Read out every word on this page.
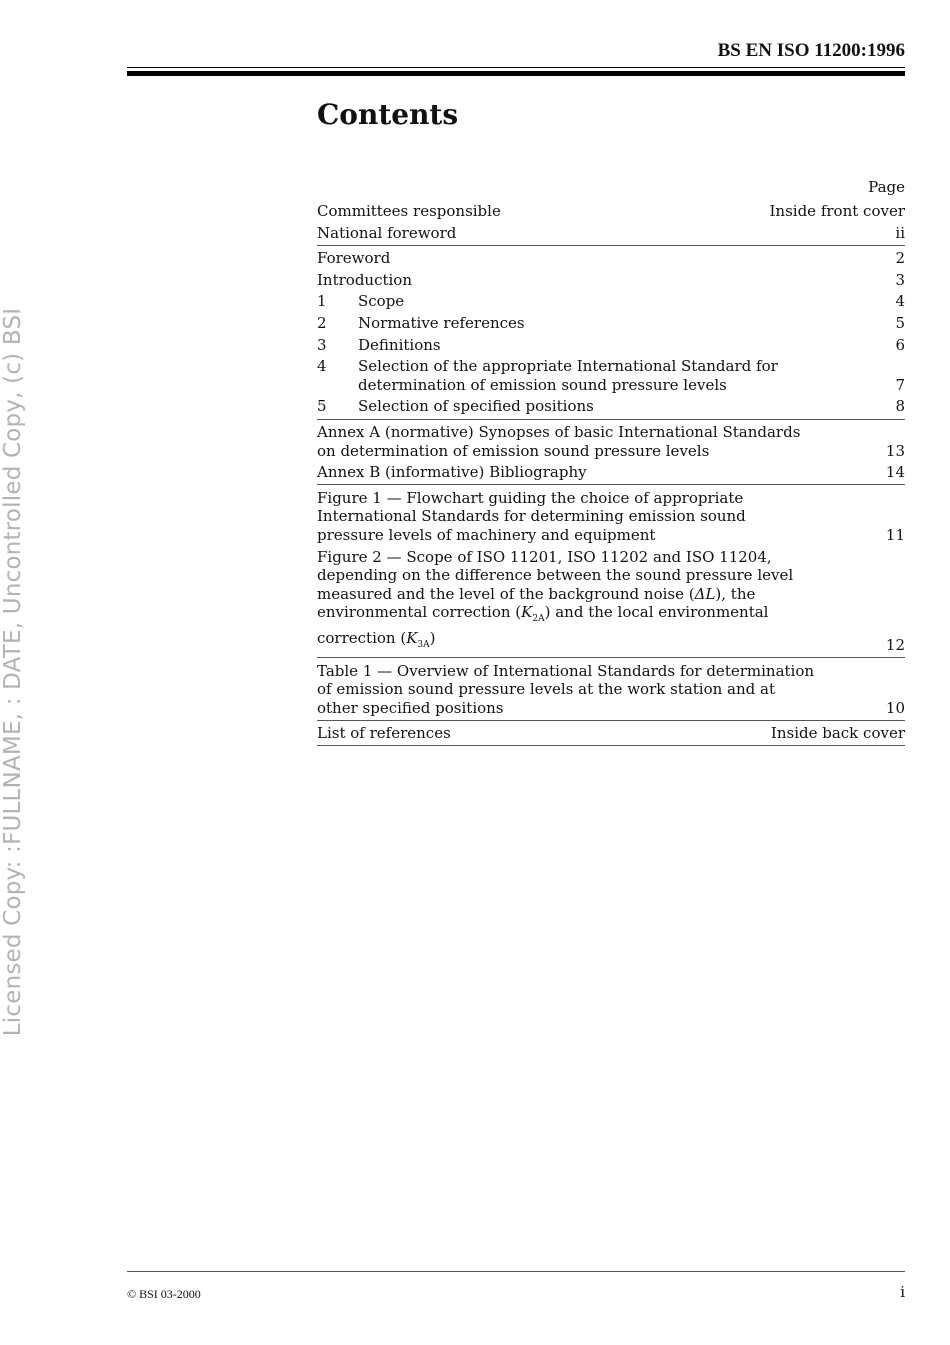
BS EN ISO 11200:1996
Licensed Copy: :FULLNAME, : DATE, Uncontrolled Copy, (c) BSI
Contents
Page
Committees responsible	Inside front cover
National foreword	ii
Foreword	2
Introduction	3
1	Scope	4
2	Normative references	5
3	Definitions	6
4	Selection of the appropriate International Standard for
determination of emission sound pressure levels	7
5	Selection of specified positions	8
Annex A (normative) Synopses of basic International Standards
on determination of emission sound pressure levels	13
Annex B (informative) Bibliography	14
Figure 1 — Flowchart guiding the choice of appropriate
International Standards for determining emission sound
pressure levels of machinery and equipment	11
Figure 2 — Scope of ISO 11201, ISO 11202 and ISO 11204,
depending on the difference between the sound pressure level
measured and the level of the background noise (ΔL), the
environmental correction $(K_{2A})$ and the local environmental
correction $(K_{3A})$	12
Table 1 — Overview of International Standards for determination
of emission sound pressure levels at the work station and at
other specified positions	10
List of references	Inside back cover
© BSI 03-2000	i
